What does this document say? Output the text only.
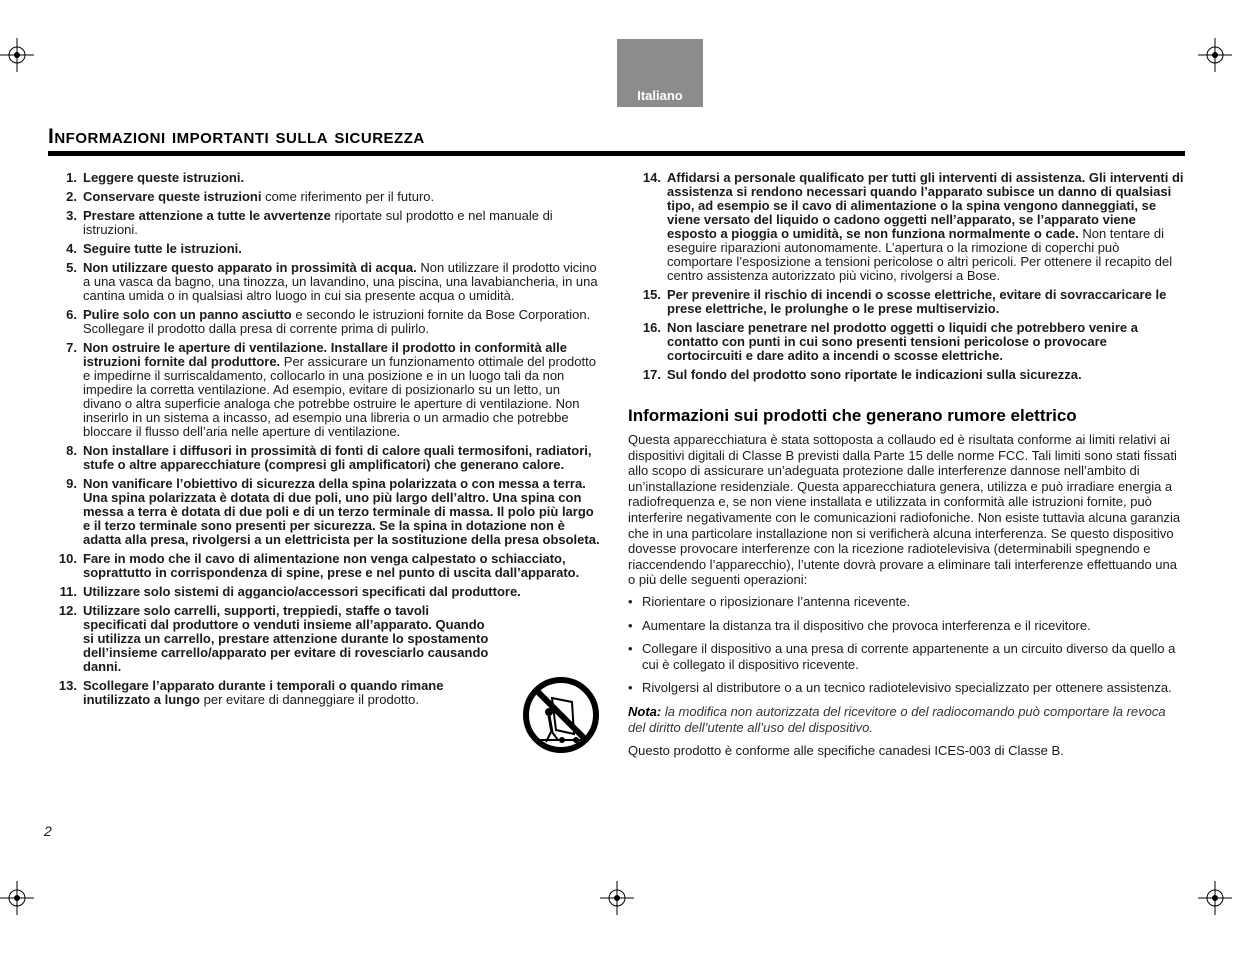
Italiano
Informazioni importanti sulla sicurezza
1. Leggere queste istruzioni.
2. Conservare queste istruzioni come riferimento per il futuro.
3. Prestare attenzione a tutte le avvertenze riportate sul prodotto e nel manuale di istruzioni.
4. Seguire tutte le istruzioni.
5. Non utilizzare questo apparato in prossimità di acqua. Non utilizzare il prodotto vicino a una vasca da bagno, una tinozza, un lavandino, una piscina, una lavabiancheria, in una cantina umida o in qualsiasi altro luogo in cui sia presente acqua o umidità.
6. Pulire solo con un panno asciutto e secondo le istruzioni fornite da Bose Corporation. Scollegare il prodotto dalla presa di corrente prima di pulirlo.
7. Non ostruire le aperture di ventilazione. Installare il prodotto in conformità alle istruzioni fornite dal produttore. Per assicurare un funzionamento ottimale del prodotto e impedirne il surriscaldamento, collocarlo in una posizione e in un luogo tali da non impedire la corretta ventilazione. Ad esempio, evitare di posizionarlo su un letto, un divano o altra superficie analoga che potrebbe ostruire le aperture di ventilazione. Non inserirlo in un sistema a incasso, ad esempio una libreria o un armadio che potrebbe bloccare il flusso dell’aria nelle aperture di ventilazione.
8. Non installare i diffusori in prossimità di fonti di calore quali termosifoni, radiatori, stufe o altre apparecchiature (compresi gli amplificatori) che generano calore.
9. Non vanificare l’obiettivo di sicurezza della spina polarizzata o con messa a terra. Una spina polarizzata è dotata di due poli, uno più largo dell’altro. Una spina con messa a terra è dotata di due poli e di un terzo terminale di massa. Il polo più largo e il terzo terminale sono presenti per sicurezza. Se la spina in dotazione non è adatta alla presa, rivolgersi a un elettricista per la sostituzione della presa obsoleta.
10. Fare in modo che il cavo di alimentazione non venga calpestato o schiacciato, soprattutto in corrispondenza di spine, prese e nel punto di uscita dall’apparato.
11. Utilizzare solo sistemi di aggancio/accessori specificati dal produttore.
12. Utilizzare solo carrelli, supporti, treppiedi, staffe o tavoli specificati dal produttore o venduti insieme all’apparato. Quando si utilizza un carrello, prestare attenzione durante lo spostamento dell’insieme carrello/apparato per evitare di rovesciarlo causando danni.
13. Scollegare l’apparato durante i temporali o quando rimane inutilizzato a lungo per evitare di danneggiare il prodotto.
14. Affidarsi a personale qualificato per tutti gli interventi di assistenza. Gli interventi di assistenza si rendono necessari quando l’apparato subisce un danno di qualsiasi tipo, ad esempio se il cavo di alimentazione o la spina vengono danneggiati, se viene versato del liquido o cadono oggetti nell’apparato, se l’apparato viene esposto a pioggia o umidità, se non funziona normalmente o cade. Non tentare di eseguire riparazioni autonomamente. L’apertura o la rimozione di coperchi può comportare l’esposizione a tensioni pericolose o altri pericoli. Per ottenere il recapito del centro assistenza autorizzato più vicino, rivolgersi a Bose.
15. Per prevenire il rischio di incendi o scosse elettriche, evitare di sovraccaricare le prese elettriche, le prolunghe o le prese multiservizio.
16. Non lasciare penetrare nel prodotto oggetti o liquidi che potrebbero venire a contatto con punti in cui sono presenti tensioni pericolose o provocare cortocircuiti e dare adito a incendi o scosse elettriche.
17. Sul fondo del prodotto sono riportate le indicazioni sulla sicurezza.
Informazioni sui prodotti che generano rumore elettrico

Questa apparecchiatura è stata sottoposta a collaudo ed è risultata conforme ai limiti relativi ai dispositivi digitali di Classe B previsti dalla Parte 15 delle norme FCC. Tali limiti sono stati fissati allo scopo di assicurare un’adeguata protezione dalle interferenze dannose nell’ambito di un’installazione residenziale. Questa apparecchiatura genera, utilizza e può irradiare energia a radiofrequenza e, se non viene installata e utilizzata in conformità alle istruzioni fornite, può interferire negativamente con le comunicazioni radiofoniche. Non esiste tuttavia alcuna garanzia che in una particolare installazione non si verificherà alcuna interferenza. Se questo dispositivo dovesse provocare interferenze con la ricezione radiotelevisiva (determinabili spegnendo e riaccendendo l’apparecchio), l’utente dovrà provare a eliminare tali interferenze effettuando una o più delle seguenti operazioni:

• Riorientare o riposizionare l’antenna ricevente.
• Aumentare la distanza tra il dispositivo che provoca interferenza e il ricevitore.
• Collegare il dispositivo a una presa di corrente appartenente a un circuito diverso da quello a cui è collegato il dispositivo ricevente.
• Rivolgersi al distributore o a un tecnico radiotelevisivo specializzato per ottenere assistenza.

Nota: la modifica non autorizzata del ricevitore o del radiocomando può comportare la revoca del diritto dell’utente all’uso del dispositivo.

Questo prodotto è conforme alle specifiche canadesi ICES-003 di Classe B.

2
